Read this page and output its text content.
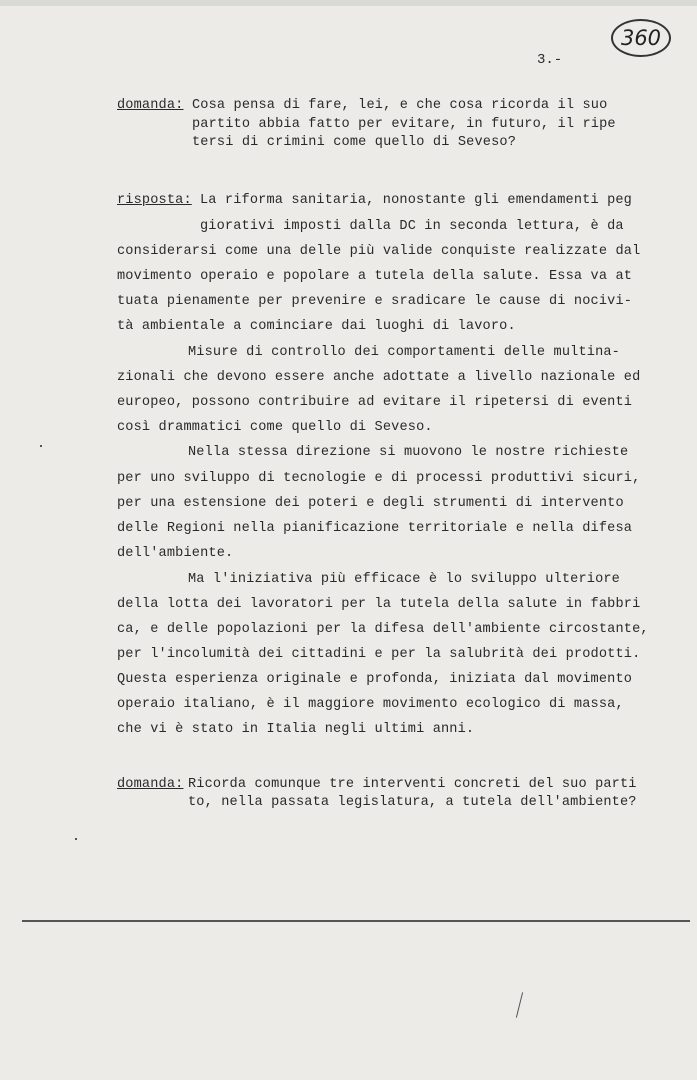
360
3.-
domanda: Cosa pensa di fare, lei, e che cosa ricorda il suo
partito abbia fatto per evitare, in futuro, il ripe
tersi di crimini come quello di Seveso?
risposta: La riforma sanitaria, nonostante gli emendamenti peg
giorativi imposti dalla DC in seconda lettura, è da
considerarsi come una delle più valide conquiste realizzate dal
movimento operaio e popolare a tutela della salute. Essa va at
tuata pienamente per prevenire e sradicare le cause di nocivi-
tà ambientale a cominciare dai luoghi di lavoro.
Misure di controllo dei comportamenti delle multina-
zionali che devono essere anche adottate a livello nazionale ed
europeo, possono contribuire ad evitare il ripetersi di eventi
così drammatici come quello di Seveso.
Nella stessa direzione si muovono le nostre richieste
per uno sviluppo di tecnologie e di processi produttivi sicuri,
per una estensione dei poteri e degli strumenti di intervento
delle Regioni nella pianificazione territoriale e nella difesa
dell'ambiente.
Ma l'iniziativa più efficace è lo sviluppo ulteriore
della lotta dei lavoratori per la tutela della salute in fabbri
ca, e delle popolazioni per la difesa dell'ambiente circostante,
per l'incolumità dei cittadini e per la salubrità dei prodotti.
Questa esperienza originale e profonda, iniziata dal movimento
operaio italiano, è il maggiore movimento ecologico di massa,
che vi è stato in Italia negli ultimi anni.
domanda: Ricorda comunque tre interventi concreti del suo parti
to, nella passata legislatura, a tutela dell'ambiente?
